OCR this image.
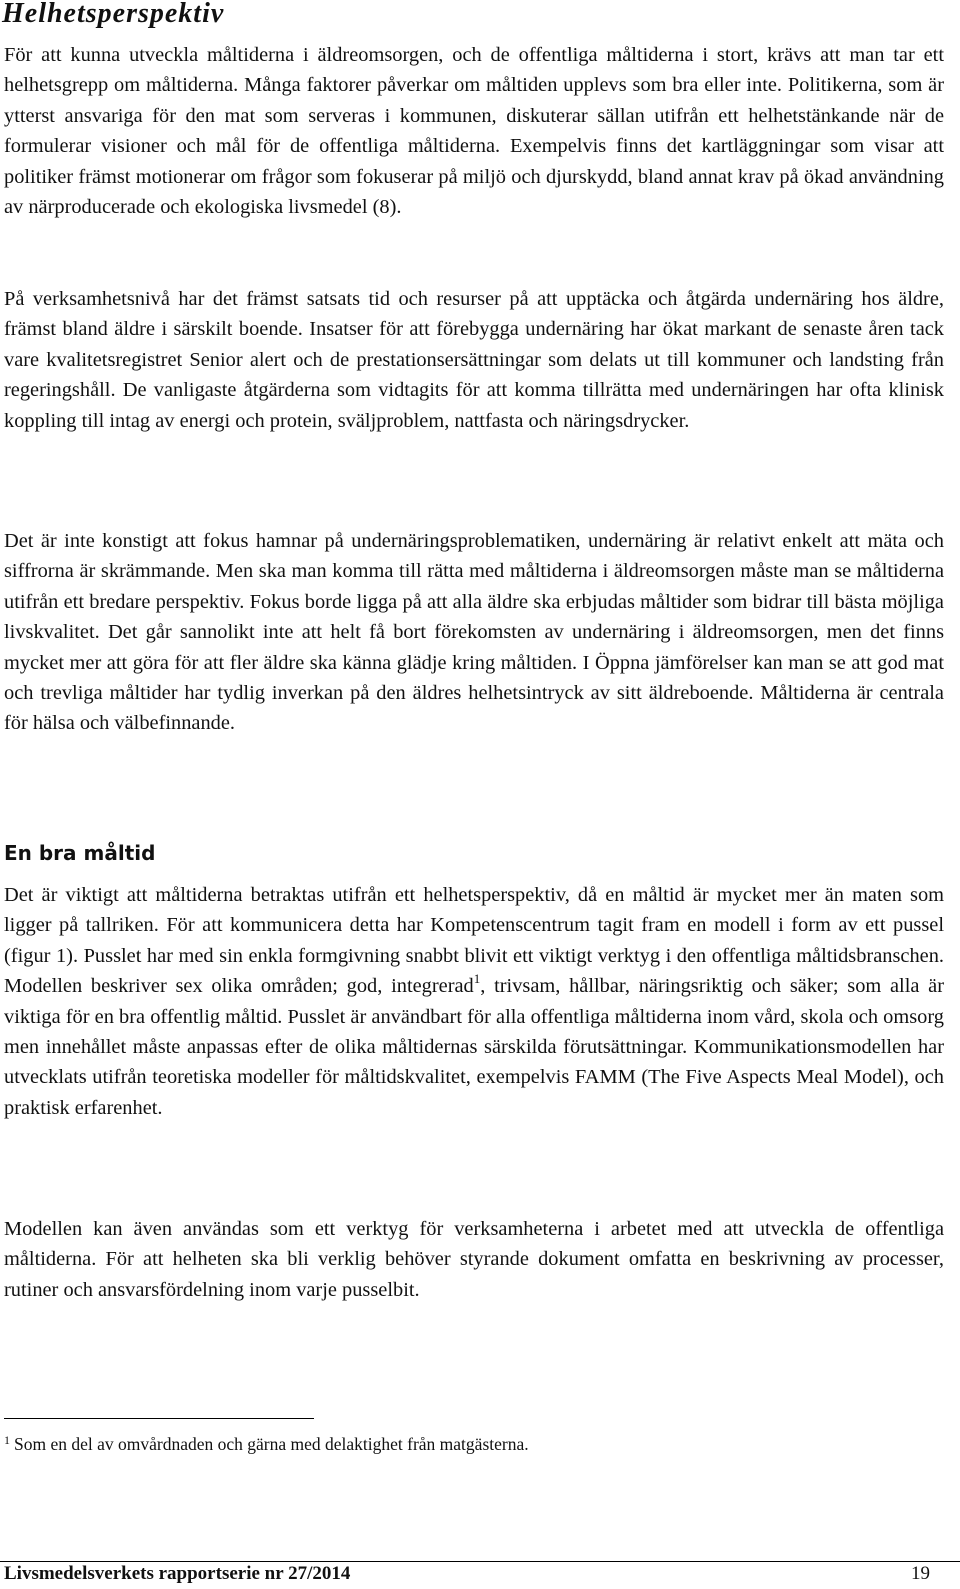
Helhetsperspektiv

För att kunna utveckla måltiderna i äldreomsorgen, och de offentliga måltiderna i stort, krävs att man tar ett helhetsgrepp om måltiderna. Många faktorer påverkar om måltiden upplevs som bra eller inte. Politikerna, som är ytterst ansvariga för den mat som serveras i kommunen, diskuterar sällan utifrån ett helhetstänkande när de formulerar visioner och mål för de offentliga måltiderna. Exempelvis finns det kartläggningar som visar att politiker främst motionerar om frågor som fokuserar på miljö och djurskydd, bland annat krav på ökad användning av närproducerade och ekologiska livsmedel (8).

På verksamhetsnivå har det främst satsats tid och resurser på att upptäcka och åtgärda undernäring hos äldre, främst bland äldre i särskilt boende. Insatser för att förebygga undernäring har ökat markant de senaste åren tack vare kvalitetsregistret Senior alert och de prestationsersättningar som delats ut till kommuner och landsting från regeringshåll. De vanligaste åtgärderna som vidtagits för att komma tillrätta med undernäringen har ofta klinisk koppling till intag av energi och protein, sväljproblem, nattfasta och näringsdrycker.

Det är inte konstigt att fokus hamnar på undernäringsproblematiken, undernäring är relativt enkelt att mäta och siffrorna är skrämmande. Men ska man komma till rätta med måltiderna i äldreomsorgen måste man se måltiderna utifrån ett bredare perspektiv. Fokus borde ligga på att alla äldre ska erbjudas måltider som bidrar till bästa möjliga livskvalitet. Det går sannolikt inte att helt få bort förekomsten av undernäring i äldreomsorgen, men det finns mycket mer att göra för att fler äldre ska känna glädje kring måltiden. I Öppna jämförelser kan man se att god mat och trevliga måltider har tydlig inverkan på den äldres helhetsintryck av sitt äldreboende. Måltiderna är centrala för hälsa och välbefinnande.

En bra måltid

Det är viktigt att måltiderna betraktas utifrån ett helhetsperspektiv, då en måltid är mycket mer än maten som ligger på tallriken. För att kommunicera detta har Kompetenscentrum tagit fram en modell i form av ett pussel (figur 1). Pusslet har med sin enkla formgivning snabbt blivit ett viktigt verktyg i den offentliga måltidsbranschen. Modellen beskriver sex olika områden; god, integrerad$^1$, trivsam, hållbar, näringsriktig och säker; som alla är viktiga för en bra offentlig måltid. Pusslet är användbart för alla offentliga måltiderna inom vård, skola och omsorg men innehållet måste anpassas efter de olika måltidernas särskilda förutsättningar. Kommunikationsmodellen har utvecklats utifrån teoretiska modeller för måltidskvalitet, exempelvis FAMM (The Five Aspects Meal Model), och praktisk erfarenhet.

Modellen kan även användas som ett verktyg för verksamheterna i arbetet med att utveckla de offentliga måltiderna. För att helheten ska bli verklig behöver styrande dokument omfatta en beskrivning av processer, rutiner och ansvarsfördelning inom varje pusselbit.

$^1$ Som en del av omvårdnaden och gärna med delaktighet från matgästerna.

Livsmedelsverkets rapportserie nr 27/2014	19
